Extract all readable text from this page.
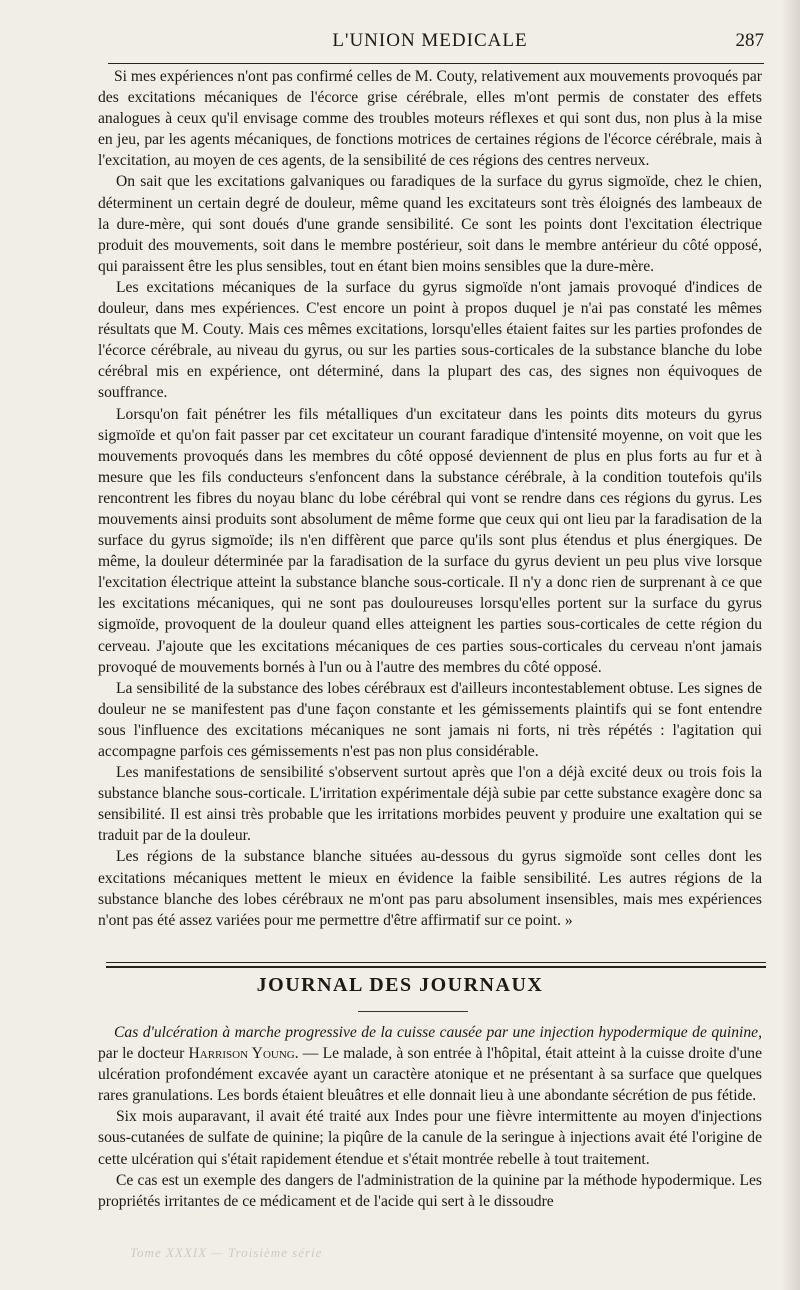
L'UNION MEDICALE	287

Si mes expériences n'ont pas confirmé celles de M. Couty, relativement aux mouvements provoqués par des excitations mécaniques de l'écorce grise cérébrale, elles m'ont permis de constater des effets analogues à ceux qu'il envisage comme des troubles moteurs réflexes et qui sont dus, non plus à la mise en jeu, par les agents mécaniques, de fonctions motrices de certaines régions de l'écorce cérébrale, mais à l'excitation, au moyen de ces agents, de la sensibilité de ces régions des centres nerveux.

On sait que les excitations galvaniques ou faradiques de la surface du gyrus sigmoïde, chez le chien, déterminent un certain degré de douleur, même quand les excitateurs sont très éloignés des lambeaux de la dure-mère, qui sont doués d'une grande sensibilité. Ce sont les points dont l'excitation électrique produit des mouvements, soit dans le membre postérieur, soit dans le membre antérieur du côté opposé, qui paraissent être les plus sensibles, tout en étant bien moins sensibles que la dure-mère.

Les excitations mécaniques de la surface du gyrus sigmoïde n'ont jamais provoqué d'indices de douleur, dans mes expériences. C'est encore un point à propos duquel je n'ai pas constaté les mêmes résultats que M. Couty. Mais ces mêmes excitations, lorsqu'elles étaient faites sur les parties profondes de l'écorce cérébrale, au niveau du gyrus, ou sur les parties sous-corticales de la substance blanche du lobe cérébral mis en expérience, ont déterminé, dans la plupart des cas, des signes non équivoques de souffrance.

Lorsqu'on fait pénétrer les fils métalliques d'un excitateur dans les points dits moteurs du gyrus sigmoïde et qu'on fait passer par cet excitateur un courant faradique d'intensité moyenne, on voit que les mouvements provoqués dans les membres du côté opposé deviennent de plus en plus forts au fur et à mesure que les fils conducteurs s'enfoncent dans la substance cérébrale, à la condition toutefois qu'ils rencontrent les fibres du noyau blanc du lobe cérébral qui vont se rendre dans ces régions du gyrus. Les mouvements ainsi produits sont absolument de même forme que ceux qui ont lieu par la faradisation de la surface du gyrus sigmoïde; ils n'en diffèrent que parce qu'ils sont plus étendus et plus énergiques. De même, la douleur déterminée par la faradisation de la surface du gyrus devient un peu plus vive lorsque l'excitation électrique atteint la substance blanche sous-corticale. Il n'y a donc rien de surprenant à ce que les excitations mécaniques, qui ne sont pas douloureuses lorsqu'elles portent sur la surface du gyrus sigmoïde, provoquent de la douleur quand elles atteignent les parties sous-corticales de cette région du cerveau. J'ajoute que les excitations mécaniques de ces parties sous-corticales du cerveau n'ont jamais provoqué de mouvements bornés à l'un ou à l'autre des membres du côté opposé.

La sensibilité de la substance des lobes cérébraux est d'ailleurs incontestablement obtuse. Les signes de douleur ne se manifestent pas d'une façon constante et les gémissements plaintifs qui se font entendre sous l'influence des excitations mécaniques ne sont jamais ni forts, ni très répétés : l'agitation qui accompagne parfois ces gémissements n'est pas non plus considérable.

Les manifestations de sensibilité s'observent surtout après que l'on a déjà excité deux ou trois fois la substance blanche sous-corticale. L'irritation expérimentale déjà subie par cette substance exagère donc sa sensibilité. Il est ainsi très probable que les irritations morbides peuvent y produire une exaltation qui se traduit par de la douleur.

Les régions de la substance blanche situées au-dessous du gyrus sigmoïde sont celles dont les excitations mécaniques mettent le mieux en évidence la faible sensibilité. Les autres régions de la substance blanche des lobes cérébraux ne m'ont pas paru absolument insensibles, mais mes expériences n'ont pas été assez variées pour me permettre d'être affirmatif sur ce point. »

JOURNAL DES JOURNAUX

Cas d'ulcération à marche progressive de la cuisse causée par une injection hypodermique de quinine, par le docteur Harrison Young. — Le malade, à son entrée à l'hôpital, était atteint à la cuisse droite d'une ulcération profondément excavée ayant un caractère atonique et ne présentant à sa surface que quelques rares granulations. Les bords étaient bleuâtres et elle donnait lieu à une abondante sécrétion de pus fétide.

Six mois auparavant, il avait été traité aux Indes pour une fièvre intermittente au moyen d'injections sous-cutanées de sulfate de quinine; la piqûre de la canule de la seringue à injections avait été l'origine de cette ulcération qui s'était rapidement étendue et s'était montrée rebelle à tout traitement.

Ce cas est un exemple des dangers de l'administration de la quinine par la méthode hypodermique. Les propriétés irritantes de ce médicament et de l'acide qui sert à le dissoudre

Tome XXXIX — Troisième série
